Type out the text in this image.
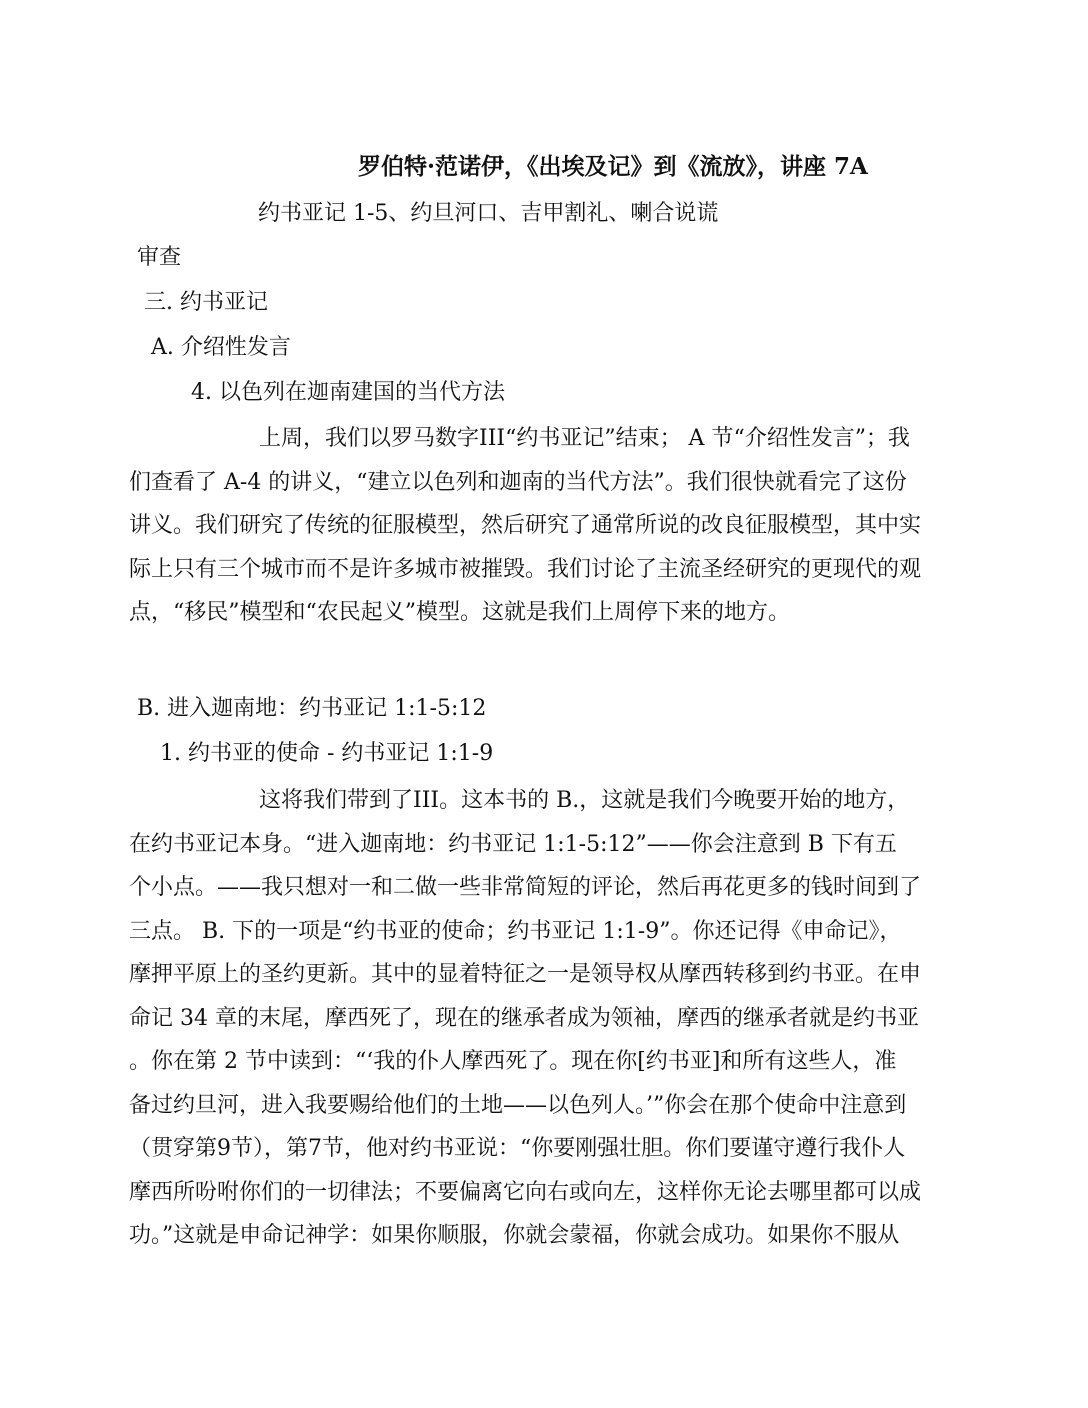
罗伯特·范诺伊，《出埃及记》到《流放》，讲座 7A
约书亚记 1-5、约旦河口、吉甲割礼、喇合说谎
审查
三. 约书亚记
A. 介绍性发言
4. 以色列在迦南建国的当代方法
上周，我们以罗马数字III“约书亚记”结束； A 节“介绍性发言”；我
们查看了 A-4 的讲义，“建立以色列和迦南的当代方法”。我们很快就看完了这份
讲义。我们研究了传统的征服模型，然后研究了通常所说的改良征服模型，其中实
际上只有三个城市而不是许多城市被摧毁。我们讨论了主流圣经研究的更现代的观
点，“移民”模型和“农民起义”模型。这就是我们上周停下来的地方。
B. 进入迦南地：约书亚记 1:1-5:12
1. 约书亚的使命 - 约书亚记 1:1-9
这将我们带到了III。这本书的 B.，这就是我们今晚要开始的地方，
在约书亚记本身。“进入迦南地：约书亚记 1:1-5:12”——你会注意到 B 下有五
个小点。——我只想对一和二做一些非常简短的评论，然后再花更多的钱时间到了
三点。 B. 下的一项是“约书亚的使命；约书亚记 1:1-9”。你还记得《申命记》，
摩押平原上的圣约更新。其中的显着特征之一是领导权从摩西转移到约书亚。在申
命记 34 章的末尾，摩西死了，现在的继承者成为领袖，摩西的继承者就是约书亚
。你在第 2 节中读到：“‘我的仆人摩西死了。现在你[约书亚]和所有这些人，准
备过约旦河，进入我要赐给他们的土地——以色列人。’”你会在那个使命中注意到
（贯穿第9节），第7节，他对约书亚说：“你要刚强壮胆。你们要谨守遵行我仆人
摩西所吩咐你们的一切律法；不要偏离它向右或向左，这样你无论去哪里都可以成
功。”这就是申命记神学：如果你顺服，你就会蒙福，你就会成功。如果你不服从
